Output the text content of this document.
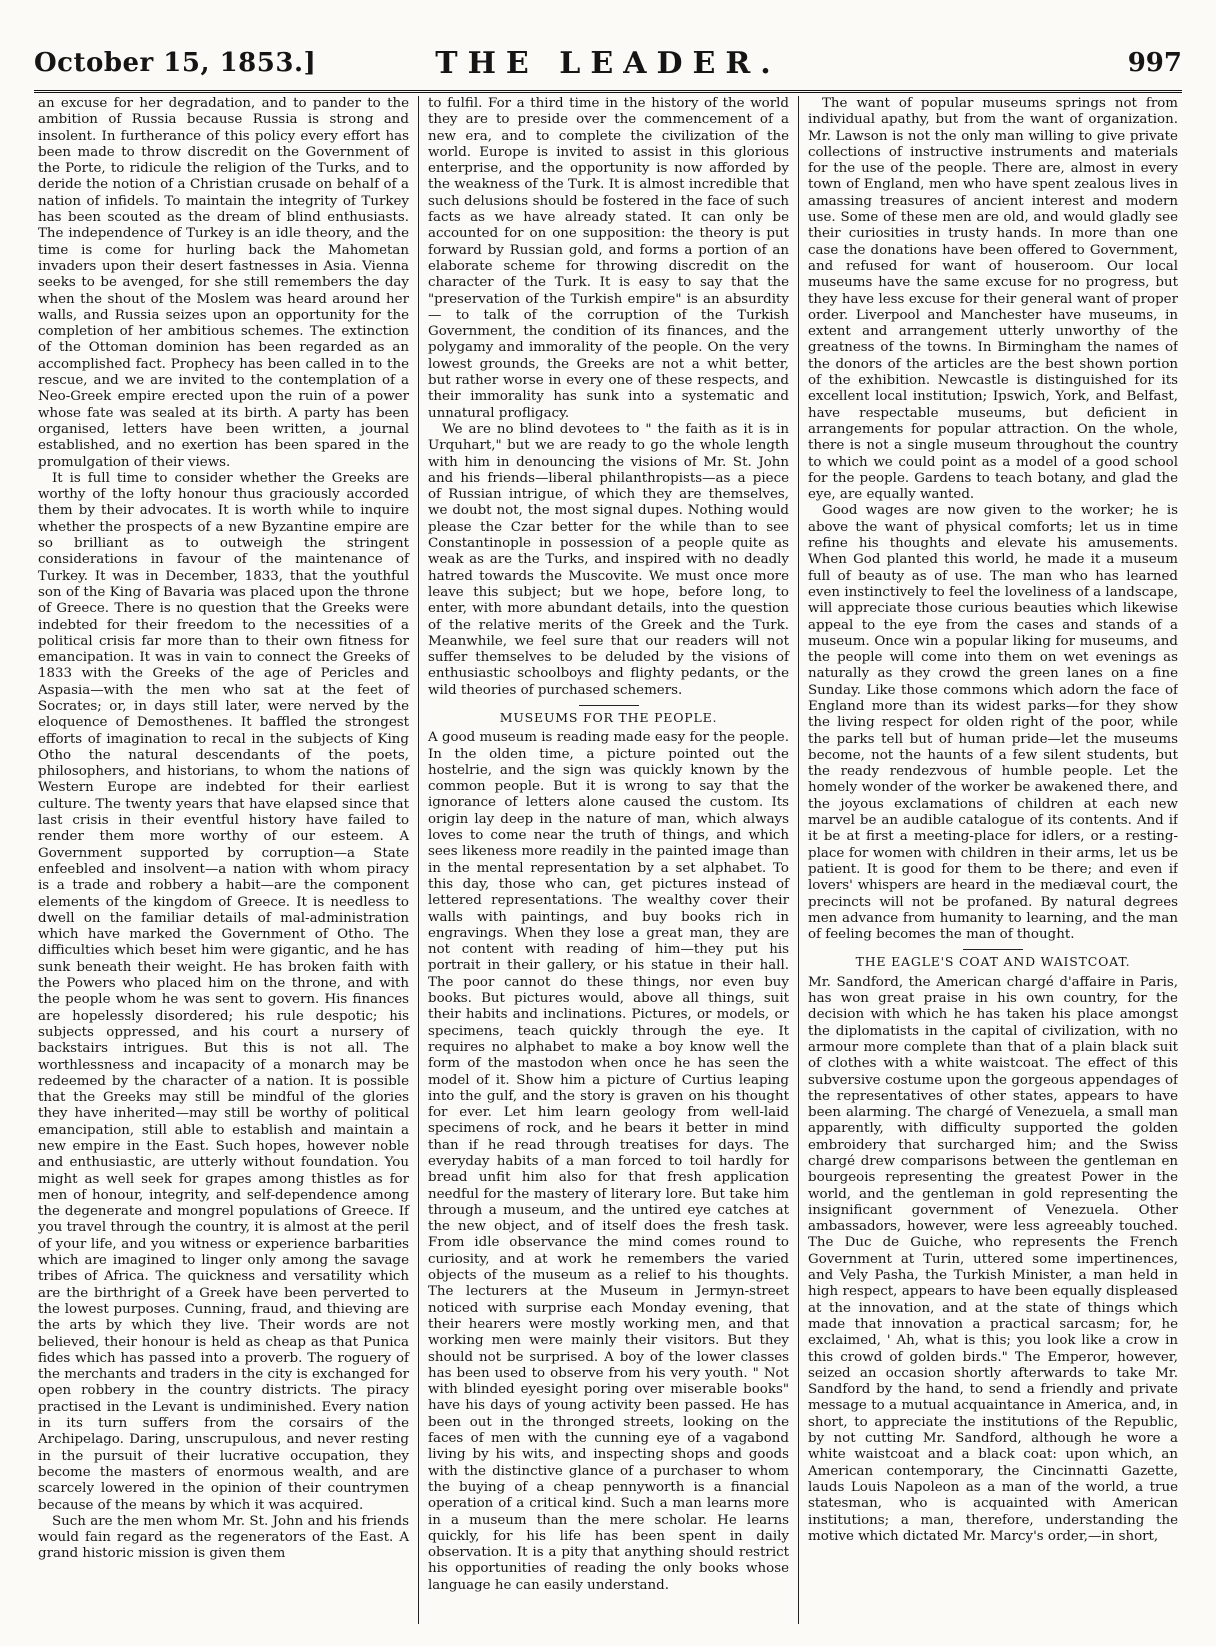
October 15, 1853.]	THE LEADER.	997

an excuse for her degradation, and to pander to the ambition of Russia because Russia is strong and insolent. In furtherance of this policy every effort has been made to throw discredit on the Government of the Porte, to ridicule the religion of the Turks, and to deride the notion of a Christian crusade on behalf of a nation of infidels. To maintain the integrity of Turkey has been scouted as the dream of blind enthusiasts. The independence of Turkey is an idle theory, and the time is come for hurling back the Mahometan invaders upon their desert fastnesses in Asia. Vienna seeks to be avenged, for she still remembers the day when the shout of the Moslem was heard around her walls, and Russia seizes upon an opportunity for the completion of her ambitious schemes. The extinction of the Ottoman dominion has been regarded as an accomplished fact. Prophecy has been called in to the rescue, and we are invited to the contemplation of a Neo-Greek empire erected upon the ruin of a power whose fate was sealed at its birth. A party has been organised, letters have been written, a journal established, and no exertion has been spared in the promulgation of their views.

It is full time to consider whether the Greeks are worthy of the lofty honour thus graciously accorded them by their advocates. It is worth while to inquire whether the prospects of a new Byzantine empire are so brilliant as to outweigh the stringent considerations in favour of the maintenance of Turkey. It was in December, 1833, that the youthful son of the King of Bavaria was placed upon the throne of Greece. There is no question that the Greeks were indebted for their freedom to the necessities of a political crisis far more than to their own fitness for emancipation. It was in vain to connect the Greeks of 1833 with the Greeks of the age of Pericles and Aspasia—with the men who sat at the feet of Socrates; or, in days still later, were nerved by the eloquence of Demosthenes. It baffled the strongest efforts of imagination to recal in the subjects of King Otho the natural descendants of the poets, philosophers, and historians, to whom the nations of Western Europe are indebted for their earliest culture. The twenty years that have elapsed since that last crisis in their eventful history have failed to render them more worthy of our esteem. A Government supported by corruption—a State enfeebled and insolvent—a nation with whom piracy is a trade and robbery a habit—are the component elements of the kingdom of Greece. It is needless to dwell on the familiar details of mal-administration which have marked the Government of Otho. The difficulties which beset him were gigantic, and he has sunk beneath their weight. He has broken faith with the Powers who placed him on the throne, and with the people whom he was sent to govern. His finances are hopelessly disordered; his rule despotic; his subjects oppressed, and his court a nursery of backstairs intrigues. But this is not all. The worthlessness and incapacity of a monarch may be redeemed by the character of a nation. It is possible that the Greeks may still be mindful of the glories they have inherited—may still be worthy of political emancipation, still able to establish and maintain a new empire in the East. Such hopes, however noble and enthusiastic, are utterly without foundation. You might as well seek for grapes among thistles as for men of honour, integrity, and self-dependence among the degenerate and mongrel populations of Greece. If you travel through the country, it is almost at the peril of your life, and you witness or experience barbarities which are imagined to linger only among the savage tribes of Africa. The quickness and versatility which are the birthright of a Greek have been perverted to the lowest purposes. Cunning, fraud, and thieving are the arts by which they live. Their words are not believed, their honour is held as cheap as that Punica fides which has passed into a proverb. The roguery of the merchants and traders in the city is exchanged for open robbery in the country districts. The piracy practised in the Levant is undiminished. Every nation in its turn suffers from the corsairs of the Archipelago. Daring, unscrupulous, and never resting in the pursuit of their lucrative occupation, they become the masters of enormous wealth, and are scarcely lowered in the opinion of their countrymen because of the means by which it was acquired.

Such are the men whom Mr. St. John and his friends would fain regard as the regenerators of the East. A grand historic mission is given them

to fulfil. For a third time in the history of the world they are to preside over the commencement of a new era, and to complete the civilization of the world. Europe is invited to assist in this glorious enterprise, and the opportunity is now afforded by the weakness of the Turk. It is almost incredible that such delusions should be fostered in the face of such facts as we have already stated. It can only be accounted for on one supposition: the theory is put forward by Russian gold, and forms a portion of an elaborate scheme for throwing discredit on the character of the Turk. It is easy to say that the "preservation of the Turkish empire" is an absurdity — to talk of the corruption of the Turkish Government, the condition of its finances, and the polygamy and immorality of the people. On the very lowest grounds, the Greeks are not a whit better, but rather worse in every one of these respects, and their immorality has sunk into a systematic and unnatural profligacy.

We are no blind devotees to " the faith as it is in Urquhart," but we are ready to go the whole length with him in denouncing the visions of Mr. St. John and his friends—liberal philanthropists—as a piece of Russian intrigue, of which they are themselves, we doubt not, the most signal dupes. Nothing would please the Czar better for the while than to see Constantinople in possession of a people quite as weak as are the Turks, and inspired with no deadly hatred towards the Muscovite. We must once more leave this subject; but we hope, before long, to enter, with more abundant details, into the question of the relative merits of the Greek and the Turk. Meanwhile, we feel sure that our readers will not suffer themselves to be deluded by the visions of enthusiastic schoolboys and flighty pedants, or the wild theories of purchased schemers.

MUSEUMS FOR THE PEOPLE.

A good museum is reading made easy for the people. In the olden time, a picture pointed out the hostelrie, and the sign was quickly known by the common people. But it is wrong to say that the ignorance of letters alone caused the custom. Its origin lay deep in the nature of man, which always loves to come near the truth of things, and which sees likeness more readily in the painted image than in the mental representation by a set alphabet. To this day, those who can, get pictures instead of lettered representations. The wealthy cover their walls with paintings, and buy books rich in engravings. When they lose a great man, they are not content with reading of him—they put his portrait in their gallery, or his statue in their hall. The poor cannot do these things, nor even buy books. But pictures would, above all things, suit their habits and inclinations. Pictures, or models, or specimens, teach quickly through the eye. It requires no alphabet to make a boy know well the form of the mastodon when once he has seen the model of it. Show him a picture of Curtius leaping into the gulf, and the story is graven on his thought for ever. Let him learn geology from well-laid specimens of rock, and he bears it better in mind than if he read through treatises for days. The everyday habits of a man forced to toil hardly for bread unfit him also for that fresh application needful for the mastery of literary lore. But take him through a museum, and the untired eye catches at the new object, and of itself does the fresh task. From idle observance the mind comes round to curiosity, and at work he remembers the varied objects of the museum as a relief to his thoughts. The lecturers at the Museum in Jermyn-street noticed with surprise each Monday evening, that their hearers were mostly working men, and that working men were mainly their visitors. But they should not be surprised. A boy of the lower classes has been used to observe from his very youth. " Not with blinded eyesight poring over miserable books" have his days of young activity been passed. He has been out in the thronged streets, looking on the faces of men with the cunning eye of a vagabond living by his wits, and inspecting shops and goods with the distinctive glance of a purchaser to whom the buying of a cheap pennyworth is a financial operation of a critical kind. Such a man learns more in a museum than the mere scholar. He learns quickly, for his life has been spent in daily observation. It is a pity that anything should restrict his opportunities of reading the only books whose language he can easily understand.

The want of popular museums springs not from individual apathy, but from the want of organization. Mr. Lawson is not the only man willing to give private collections of instructive instruments and materials for the use of the people. There are, almost in every town of England, men who have spent zealous lives in amassing treasures of ancient interest and modern use. Some of these men are old, and would gladly see their curiosities in trusty hands. In more than one case the donations have been offered to Government, and refused for want of houseroom. Our local museums have the same excuse for no progress, but they have less excuse for their general want of proper order. Liverpool and Manchester have museums, in extent and arrangement utterly unworthy of the greatness of the towns. In Birmingham the names of the donors of the articles are the best shown portion of the exhibition. Newcastle is distinguished for its excellent local institution; Ipswich, York, and Belfast, have respectable museums, but deficient in arrangements for popular attraction. On the whole, there is not a single museum throughout the country to which we could point as a model of a good school for the people. Gardens to teach botany, and glad the eye, are equally wanted.

Good wages are now given to the worker; he is above the want of physical comforts; let us in time refine his thoughts and elevate his amusements. When God planted this world, he made it a museum full of beauty as of use. The man who has learned even instinctively to feel the loveliness of a landscape, will appreciate those curious beauties which likewise appeal to the eye from the cases and stands of a museum. Once win a popular liking for museums, and the people will come into them on wet evenings as naturally as they crowd the green lanes on a fine Sunday. Like those commons which adorn the face of England more than its widest parks—for they show the living respect for olden right of the poor, while the parks tell but of human pride—let the museums become, not the haunts of a few silent students, but the ready rendezvous of humble people. Let the homely wonder of the worker be awakened there, and the joyous exclamations of children at each new marvel be an audible catalogue of its contents. And if it be at first a meeting-place for idlers, or a resting-place for women with children in their arms, let us be patient. It is good for them to be there; and even if lovers' whispers are heard in the mediæval court, the precincts will not be profaned. By natural degrees men advance from humanity to learning, and the man of feeling becomes the man of thought.

THE EAGLE'S COAT AND WAISTCOAT.

Mr. Sandford, the American chargé d'affaire in Paris, has won great praise in his own country, for the decision with which he has taken his place amongst the diplomatists in the capital of civilization, with no armour more complete than that of a plain black suit of clothes with a white waistcoat. The effect of this subversive costume upon the gorgeous appendages of the representatives of other states, appears to have been alarming. The chargé of Venezuela, a small man apparently, with difficulty supported the golden embroidery that surcharged him; and the Swiss chargé drew comparisons between the gentleman en bourgeois representing the greatest Power in the world, and the gentleman in gold representing the insignificant government of Venezuela. Other ambassadors, however, were less agreeably touched. The Duc de Guiche, who represents the French Government at Turin, uttered some impertinences, and Vely Pasha, the Turkish Minister, a man held in high respect, appears to have been equally displeased at the innovation, and at the state of things which made that innovation a practical sarcasm; for, he exclaimed, ' Ah, what is this; you look like a crow in this crowd of golden birds." The Emperor, however, seized an occasion shortly afterwards to take Mr. Sandford by the hand, to send a friendly and private message to a mutual acquaintance in America, and, in short, to appreciate the institutions of the Republic, by not cutting Mr. Sandford, although he wore a white waistcoat and a black coat: upon which, an American contemporary, the Cincinnatti Gazette, lauds Louis Napoleon as a man of the world, a true statesman, who is acquainted with American institutions; a man, therefore, understanding the motive which dictated Mr. Marcy's order,—in short,
